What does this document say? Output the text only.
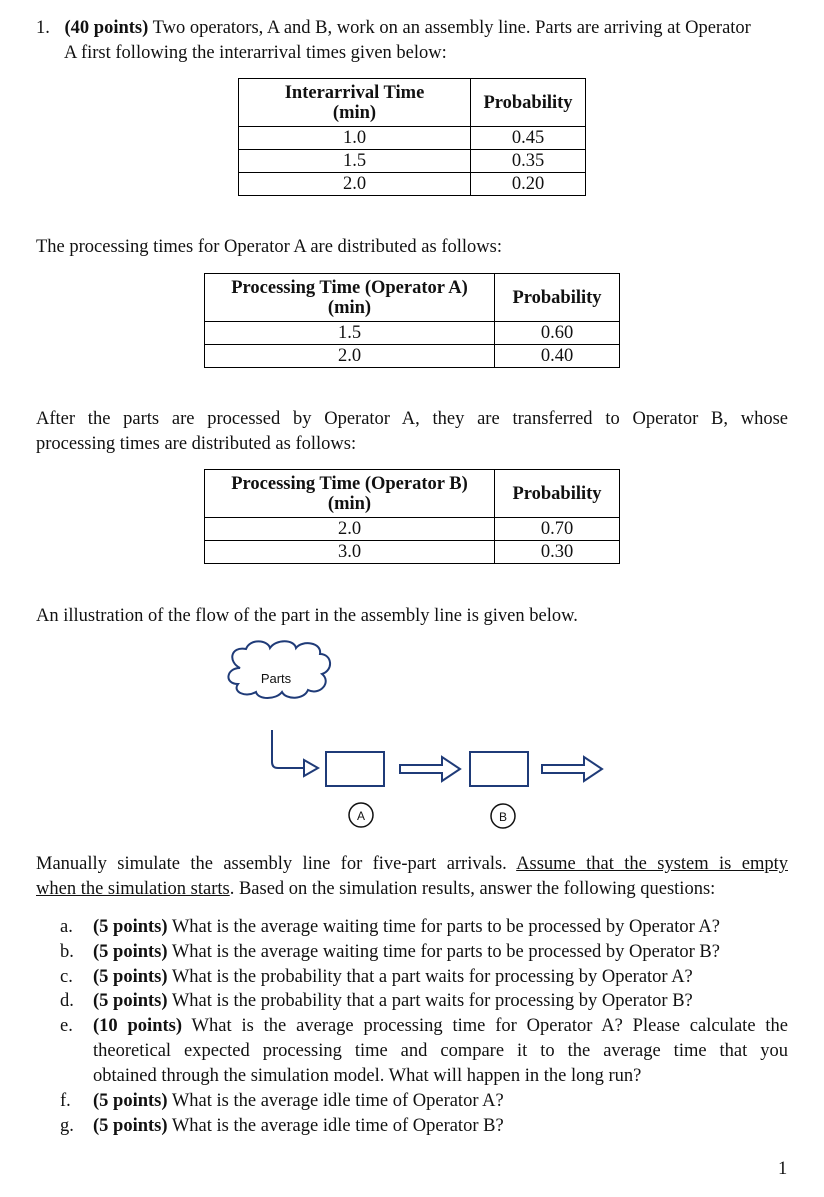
1. (40 points) Two operators, A and B, work on an assembly line. Parts are arriving at Operator
A first following the interarrival times given below:
Interarrival Time
(min)	Probability
1.0	0.45
1.5	0.35
2.0	0.20
The processing times for Operator A are distributed as follows:
Processing Time (Operator A)
(min)	Probability
1.5	0.60
2.0	0.40
After the parts are processed by Operator A, they are transferred to Operator B, whose
processing times are distributed as follows:
Processing Time (Operator B)
(min)	Probability
2.0	0.70
3.0	0.30
An illustration of the flow of the part in the assembly line is given below.
Parts
A	B
Manually simulate the assembly line for five-part arrivals. Assume that the system is empty
when the simulation starts. Based on the simulation results, answer the following questions:
a.	(5 points) What is the average waiting time for parts to be processed by Operator A?
b.	(5 points) What is the average waiting time for parts to be processed by Operator B?
c.	(5 points) What is the probability that a part waits for processing by Operator A?
d.	(5 points) What is the probability that a part waits for processing by Operator B?
e.	(10 points) What is the average processing time for Operator A? Please calculate the
theoretical expected processing time and compare it to the average time that you
obtained through the simulation model. What will happen in the long run?
f.	(5 points) What is the average idle time of Operator A?
g.	(5 points) What is the average idle time of Operator B?
1
